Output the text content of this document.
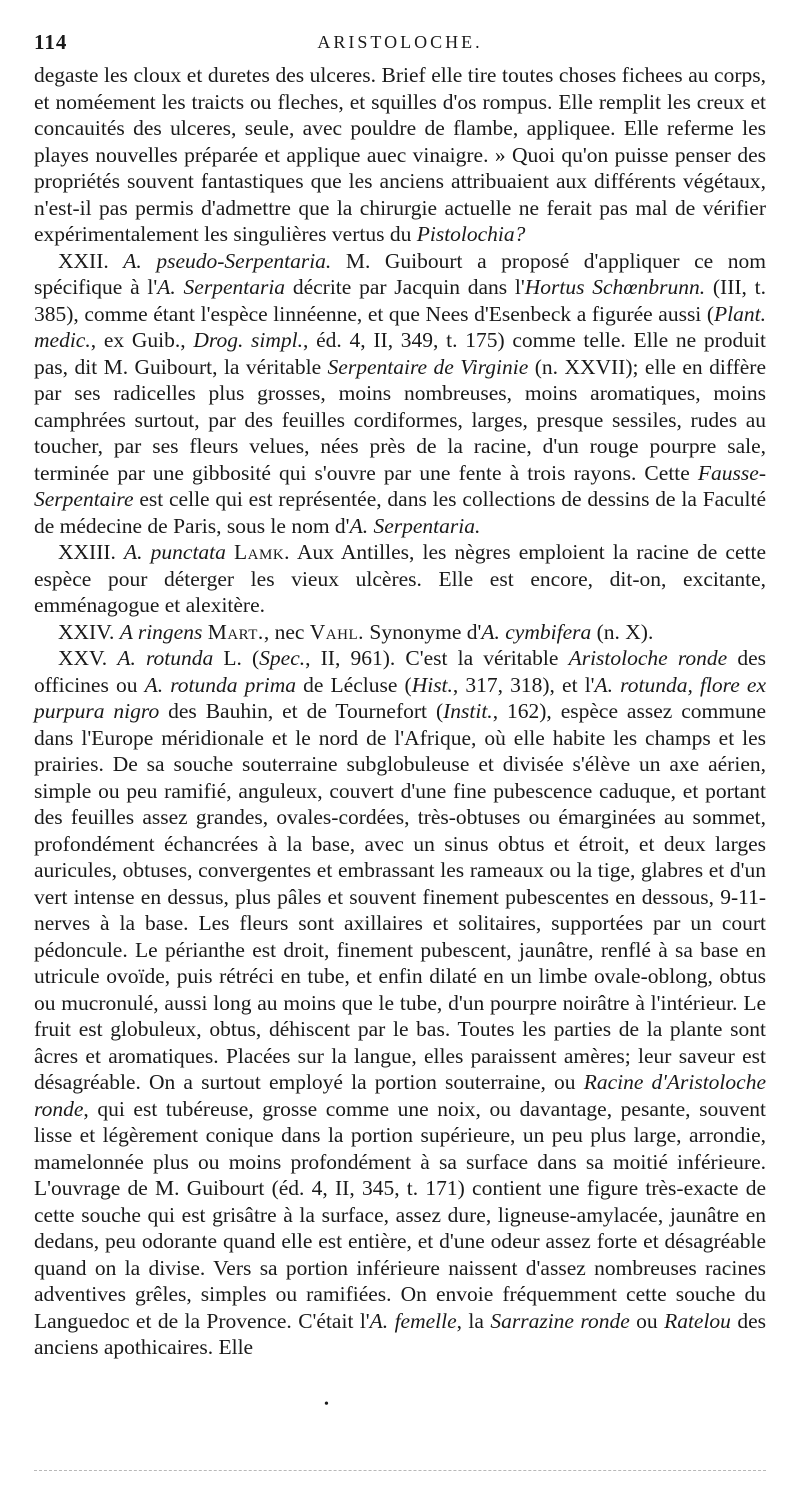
114	ARISTOLOCHE.

degaste les cloux et duretes des ulceres. Brief elle tire toutes choses fichees au corps, et noméement les traicts ou fleches, et squilles d'os rompus. Elle remplit les creux et concauités des ulceres, seule, avec pouldre de flambe, appliquee. Elle referme les playes nouvelles préparée et applique auec vinaigre. » Quoi qu'on puisse penser des propriétés souvent fantastiques que les anciens attribuaient aux différents végétaux, n'est-il pas permis d'admettre que la chirurgie actuelle ne ferait pas mal de vérifier expérimentalement les singulières vertus du Pistolochia?

XXII. A. pseudo-Serpentaria. M. Guibourt a proposé d'appliquer ce nom spécifique à l'A. Serpentaria décrite par Jacquin dans l'Hortus Schœnbrunn. (III, t. 385), comme étant l'espèce linnéenne, et que Nees d'Esenbeck a figurée aussi (Plant. medic., ex Guib., Drog. simpl., éd. 4, II, 349, t. 175) comme telle. Elle ne produit pas, dit M. Guibourt, la véritable Serpentaire de Virginie (n. XXVII); elle en diffère par ses radicelles plus grosses, moins nombreuses, moins aromatiques, moins camphrées surtout, par des feuilles cordiformes, larges, presque sessiles, rudes au toucher, par ses fleurs velues, nées près de la racine, d'un rouge pourpre sale, terminée par une gibbosité qui s'ouvre par une fente à trois rayons. Cette Fausse-Serpentaire est celle qui est représentée, dans les collections de dessins de la Faculté de médecine de Paris, sous le nom d'A. Serpentaria.

XXIII. A. punctata Lamk. Aux Antilles, les nègres emploient la racine de cette espèce pour déterger les vieux ulcères. Elle est encore, dit-on, excitante, emménagogue et alexitère.

XXIV. A ringens Mart., nec Vahl. Synonyme d'A. cymbifera (n. X).

XXV. A. rotunda L. (Spec., II, 961). C'est la véritable Aristoloche ronde des officines ou A. rotunda prima de Lécluse (Hist., 317, 318), et l'A. rotunda, flore ex purpura nigro des Bauhin, et de Tournefort (Instit., 162), espèce assez commune dans l'Europe méridionale et le nord de l'Afrique, où elle habite les champs et les prairies. De sa souche souterraine subglobuleuse et divisée s'élève un axe aérien, simple ou peu ramifié, anguleux, couvert d'une fine pubescence caduque, et portant des feuilles assez grandes, ovales-cordées, très-obtuses ou émarginées au sommet, profondément échancrées à la base, avec un sinus obtus et étroit, et deux larges auricules, obtuses, convergentes et embrassant les rameaux ou la tige, glabres et d'un vert intense en dessus, plus pâles et souvent finement pubescentes en dessous, 9-11-nerves à la base. Les fleurs sont axillaires et solitaires, supportées par un court pédoncule. Le périanthe est droit, finement pubescent, jaunâtre, renflé à sa base en utricule ovoïde, puis rétréci en tube, et enfin dilaté en un limbe ovale-oblong, obtus ou mucronulé, aussi long au moins que le tube, d'un pourpre noirâtre à l'intérieur. Le fruit est globuleux, obtus, déhiscent par le bas. Toutes les parties de la plante sont âcres et aromatiques. Placées sur la langue, elles paraissent amères; leur saveur est désagréable. On a surtout employé la portion souterraine, ou Racine d'Aristoloche ronde, qui est tubéreuse, grosse comme une noix, ou davantage, pesante, souvent lisse et légèrement conique dans la portion supérieure, un peu plus large, arrondie, mamelonnée plus ou moins profondément à sa surface dans sa moitié inférieure. L'ouvrage de M. Guibourt (éd. 4, II, 345, t. 171) contient une figure très-exacte de cette souche qui est grisâtre à la surface, assez dure, ligneuse-amylacée, jaunâtre en dedans, peu odorante quand elle est entière, et d'une odeur assez forte et désagréable quand on la divise. Vers sa portion inférieure naissent d'assez nombreuses racines adventives grêles, simples ou ramifiées. On envoie fréquemment cette souche du Languedoc et de la Provence. C'était l'A. femelle, la Sarrazine ronde ou Ratelou des anciens apothicaires. Elle

•
